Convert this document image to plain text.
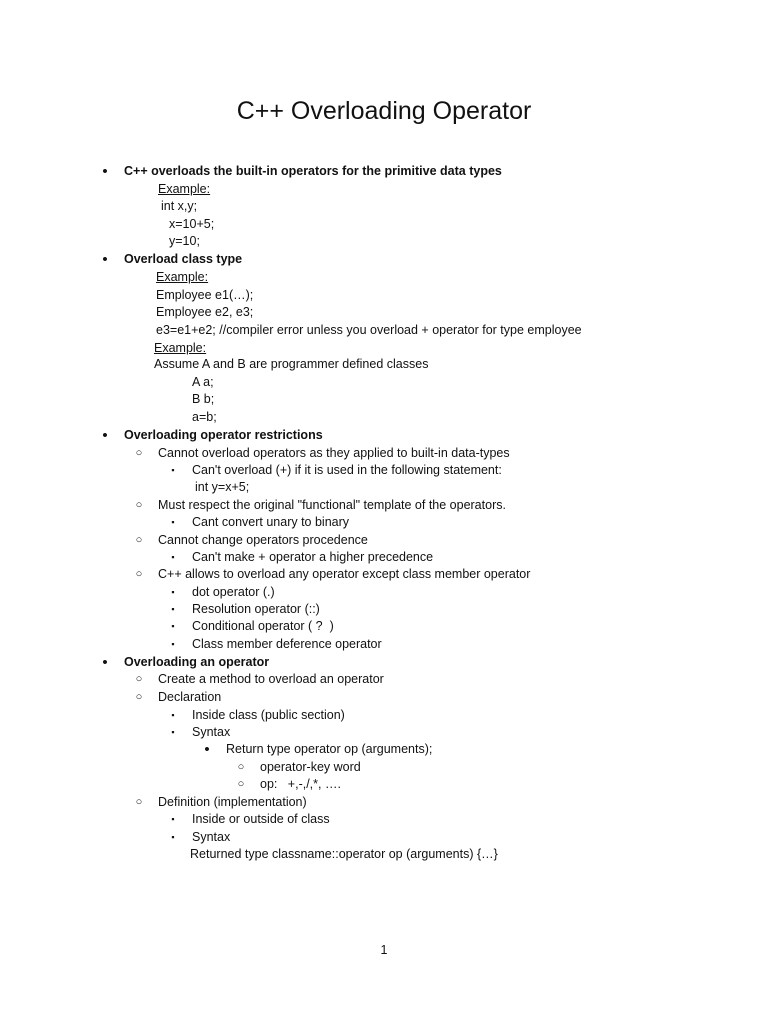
C++ Overloading Operator
•	C++ overloads the built-in operators for the primitive data types
Example:
int x,y;
x=10+5;
y=10;
•	Overload class type
Example:
Employee e1(…);
Employee e2, e3;
e3=e1+e2; //compiler error unless you overload + operator for type employee
Example:
Assume A and B are programmer defined classes
A a;
B b;
a=b;
•	Overloading operator restrictions
○ Cannot overload operators as they applied to built-in data-types
▪	Can't overload (+) if it is used in the following statement:
int y=x+5;
○ Must respect the original "functional" template of the operators.
▪	Cant convert unary to binary
○ Cannot change operators procedence
▪	Can't make + operator a higher precedence
○ C++ allows to overload any operator except class member operator
▪	dot operator (.)
▪	Resolution operator (::)
▪	Conditional operator ( ?  )
▪	Class member deference operator
•	Overloading an operator
○ Create a method to overload an operator
○ Declaration
▪	Inside class (public section)
▪	Syntax
•	Return type operator op (arguments);
○ operator-key word
○ op:   +,-,/,*, ….
○ Definition (implementation)
▪	Inside or outside of class
▪	Syntax
Returned type classname::operator op (arguments) {…}
1
